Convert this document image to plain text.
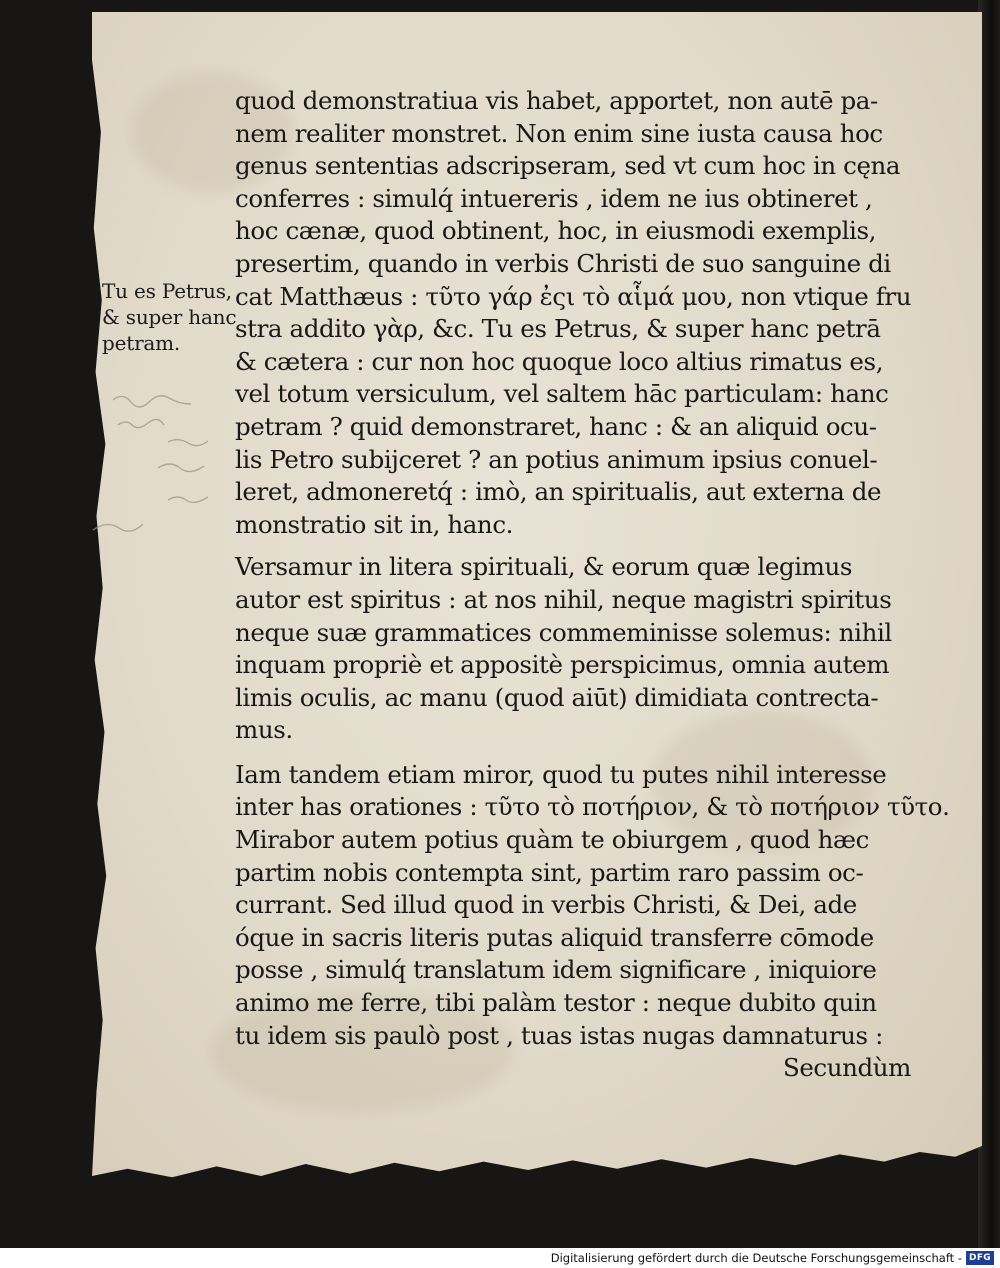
Tu es Petrus,
& super hanc
petram.
quod demonstratiua vis habet, apportet, non autē pa-
nem realiter monstret. Non enim sine iusta causa hoc
genus sententias adscripseram, sed vt cum hoc in cęna
conferres : simulq́ intuereris , idem ne ius obtineret ,
hoc cænæ, quod obtinent, hoc, in eiusmodi exemplis,
presertim, quando in verbis Christi de suo sanguine di
cat Matthæus : τῦτο γάρ ἐςι τὸ αἷμά μου, non vtique fru
stra addito γὰρ, &c. Tu es Petrus, & super hanc petrā
& cætera : cur non hoc quoque loco altius rimatus es,
vel totum versiculum, vel saltem hāc particulam: hanc
petram ? quid demonstraret, hanc : & an aliquid ocu-
lis Petro subijceret ? an potius animum ipsius conuel-
leret, admoneretq́ : imò, an spiritualis, aut externa de
monstratio sit in, hanc.
Versamur in litera spirituali, & eorum quæ legimus
autor est spiritus : at nos nihil, neque magistri spiritus
neque suæ grammatices commeminisse solemus: nihil
inquam propriè et appositè perspicimus, omnia autem
limis oculis, ac manu (quod aiūt) dimidiata contrecta-
mus.
Iam tandem etiam miror, quod tu putes nihil interesse
inter has orationes : τῦτο τὸ ποτήριον, & τὸ ποτήριον τῦτο.
Mirabor autem potius quàm te obiurgem , quod hæc
partim nobis contempta sint, partim raro passim oc-
currant. Sed illud quod in verbis Christi, & Dei, ade
óque in sacris literis putas aliquid transferre cōmode
posse , simulq́ translatum idem significare , iniquiore
animo me ferre, tibi palàm testor : neque dubito quin
tu idem sis paulò post , tuas istas nugas damnaturus :
Secundùm
Digitalisierung gefördert durch die Deutsche Forschungsgemeinschaft - DFG
